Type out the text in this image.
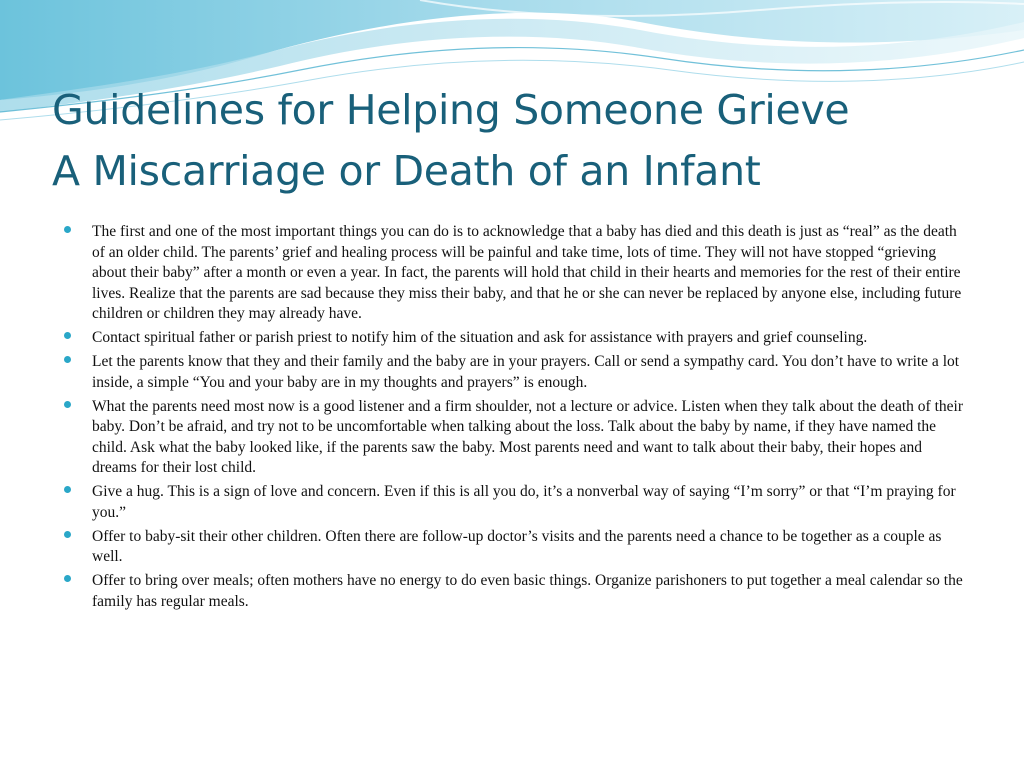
Guidelines for Helping Someone Grieve
A Miscarriage or Death of an Infant
The first and one of the most important things you can do is to acknowledge that a baby has died and this death is just as “real” as the death of an older child. The parents’ grief and healing process will be painful and take time, lots of time. They will not have stopped “grieving about their baby” after a month or even a year. In fact, the parents will hold that child in their hearts and memories for the rest of their entire lives. Realize that the parents are sad because they miss their baby, and that he or she can never be replaced by anyone else, including future children or children they may already have.
Contact spiritual father or parish priest to notify him of the situation and ask for assistance with prayers and grief counseling.
Let the parents know that they and their family and the baby are in your prayers. Call or send a sympathy card. You don’t have to write a lot inside, a simple “You and your baby are in my thoughts and prayers” is enough.
What the parents need most now is a good listener and a firm shoulder, not a lecture or advice. Listen when they talk about the death of their baby. Don’t be afraid, and try not to be uncomfortable when talking about the loss. Talk about the baby by name, if they have named the child. Ask what the baby looked like, if the parents saw the baby. Most parents need and want to talk about their baby, their hopes and dreams for their lost child.
Give a hug. This is a sign of love and concern. Even if this is all you do, it’s a nonverbal way of saying “I’m sorry” or that “I’m praying for you.”
Offer to baby-sit their other children. Often there are follow-up doctor’s visits and the parents need a chance to be together as a couple as well.
Offer to bring over meals; often mothers have no energy to do even basic things. Organize parishoners to put together a meal calendar so the family has regular meals.
